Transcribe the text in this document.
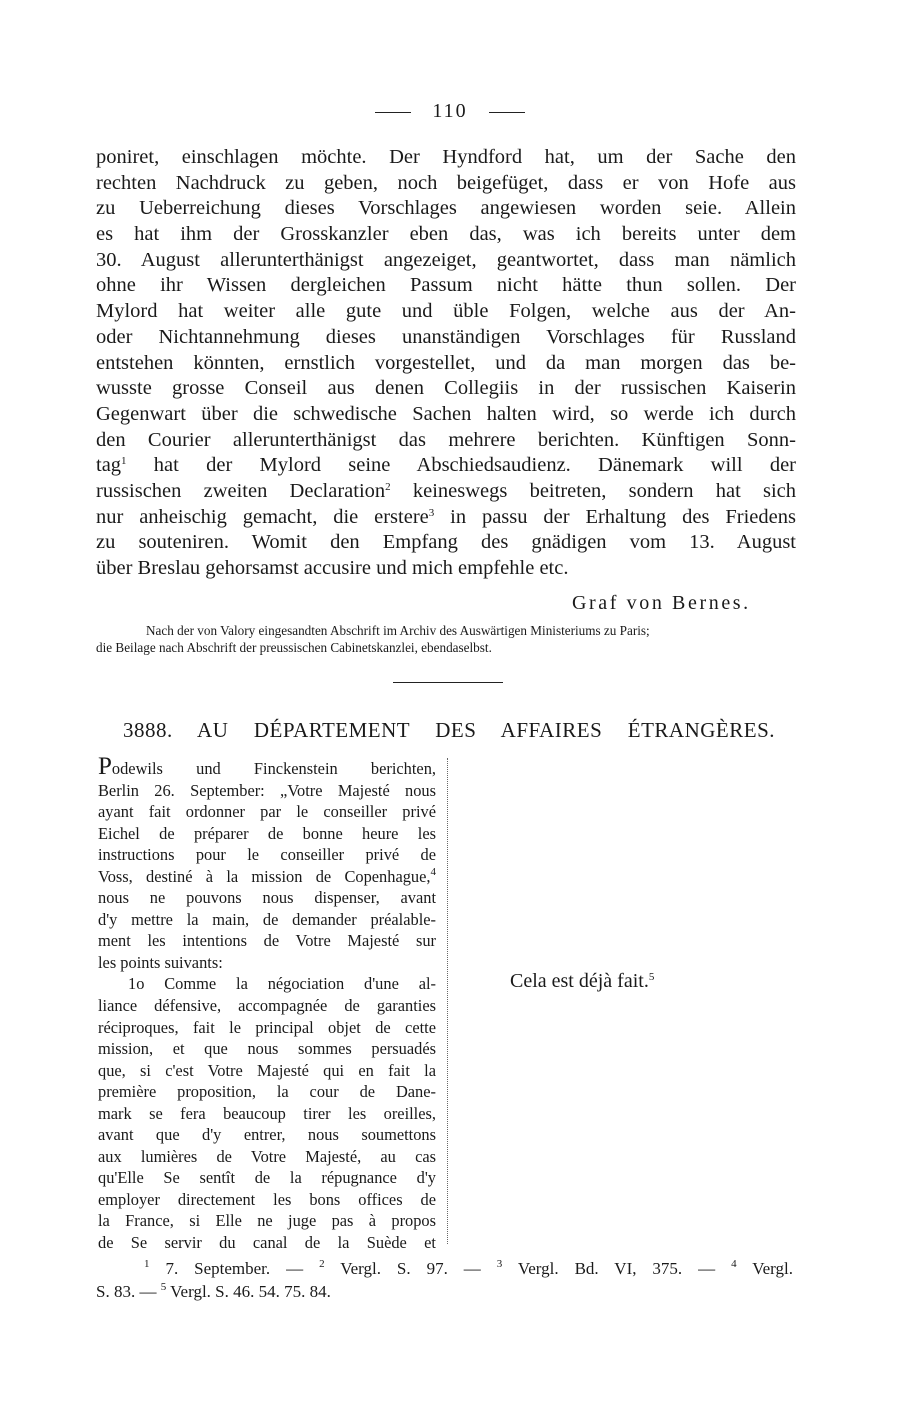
110
poniret, einschlagen möchte. Der Hyndford hat, um der Sache den
rechten Nachdruck zu geben, noch beigefüget, dass er von Hofe aus
zu Ueberreichung dieses Vorschlages angewiesen worden seie. Allein
es hat ihm der Grosskanzler eben das, was ich bereits unter dem
30. August allerunterthänigst angezeiget, geantwortet, dass man nämlich
ohne ihr Wissen dergleichen Passum nicht hätte thun sollen. Der
Mylord hat weiter alle gute und üble Folgen, welche aus der An-
oder Nichtannehmung dieses unanständigen Vorschlages für Russland
entstehen könnten, ernstlich vorgestellet, und da man morgen das be-
wusste grosse Conseil aus denen Collegiis in der russischen Kaiserin
Gegenwart über die schwedische Sachen halten wird, so werde ich durch
den Courier allerunterthänigst das mehrere berichten. Künftigen Sonn-
tag$^1$ hat der Mylord seine Abschiedsaudienz. Dänemark will der
russischen zweiten Declaration$^2$ keineswegs beitreten, sondern hat sich
nur anheischig gemacht, die erstere$^3$ in passu der Erhaltung des Friedens
zu souteniren. Womit den Empfang des gnädigen vom 13. August
über Breslau gehorsamst accusire und mich empfehle etc.
Graf von Bernes.
Nach der von Valory eingesandten Abschrift im Archiv des Auswärtigen Ministeriums zu Paris;
die Beilage nach Abschrift der preussischen Cabinetskanzlei, ebendaselbst.
3888. AU DÉPARTEMENT DES AFFAIRES ÉTRANGÈRES.
Podewils und Finckenstein berichten,
Berlin 26. September: „Votre Majesté nous
ayant fait ordonner par le conseiller privé
Eichel de préparer de bonne heure les
instructions pour le conseiller privé de
Voss, destiné à la mission de Copenhague,$^4$
nous ne pouvons nous dispenser, avant
d'y mettre la main, de demander préalable-
ment les intentions de Votre Majesté sur
les points suivants:
1o Comme la négociation d'une al-
liance défensive, accompagnée de garanties
réciproques, fait le principal objet de cette
mission, et que nous sommes persuadés
que, si c'est Votre Majesté qui en fait la
première proposition, la cour de Dane-
mark se fera beaucoup tirer les oreilles,
avant que d'y entrer, nous soumettons
aux lumières de Votre Majesté, au cas
qu'Elle Se sentît de la répugnance d'y
employer directement les bons offices de
la France, si Elle ne juge pas à propos
de Se servir du canal de la Suède et
Cela est déjà fait.$^5$
$^1$ 7. September. — $^2$ Vergl. S. 97. — $^3$ Vergl. Bd. VI, 375. — $^4$ Vergl.
S. 83. — $^5$ Vergl. S. 46. 54. 75. 84.
